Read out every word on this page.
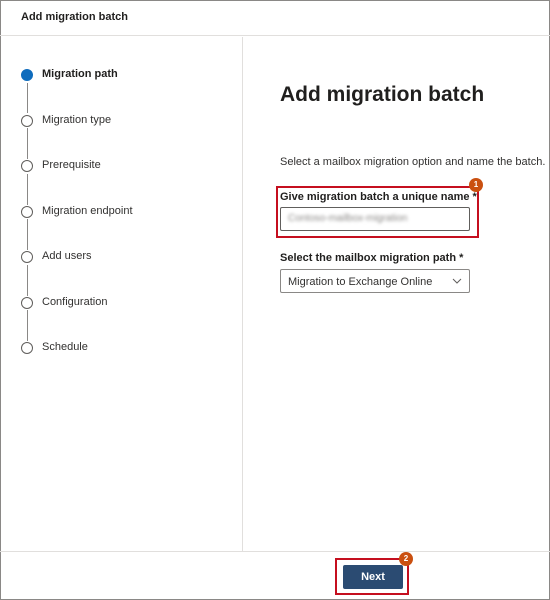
Add migration batch
Migration path
Migration type
Prerequisite
Migration endpoint
Add users
Configuration
Schedule
Add migration batch
Select a mailbox migration option and name the batch.
1
Give migration batch a unique name *
Contoso-mailbox-migration
Select the mailbox migration path *
Migration to Exchange Online
2
Next
